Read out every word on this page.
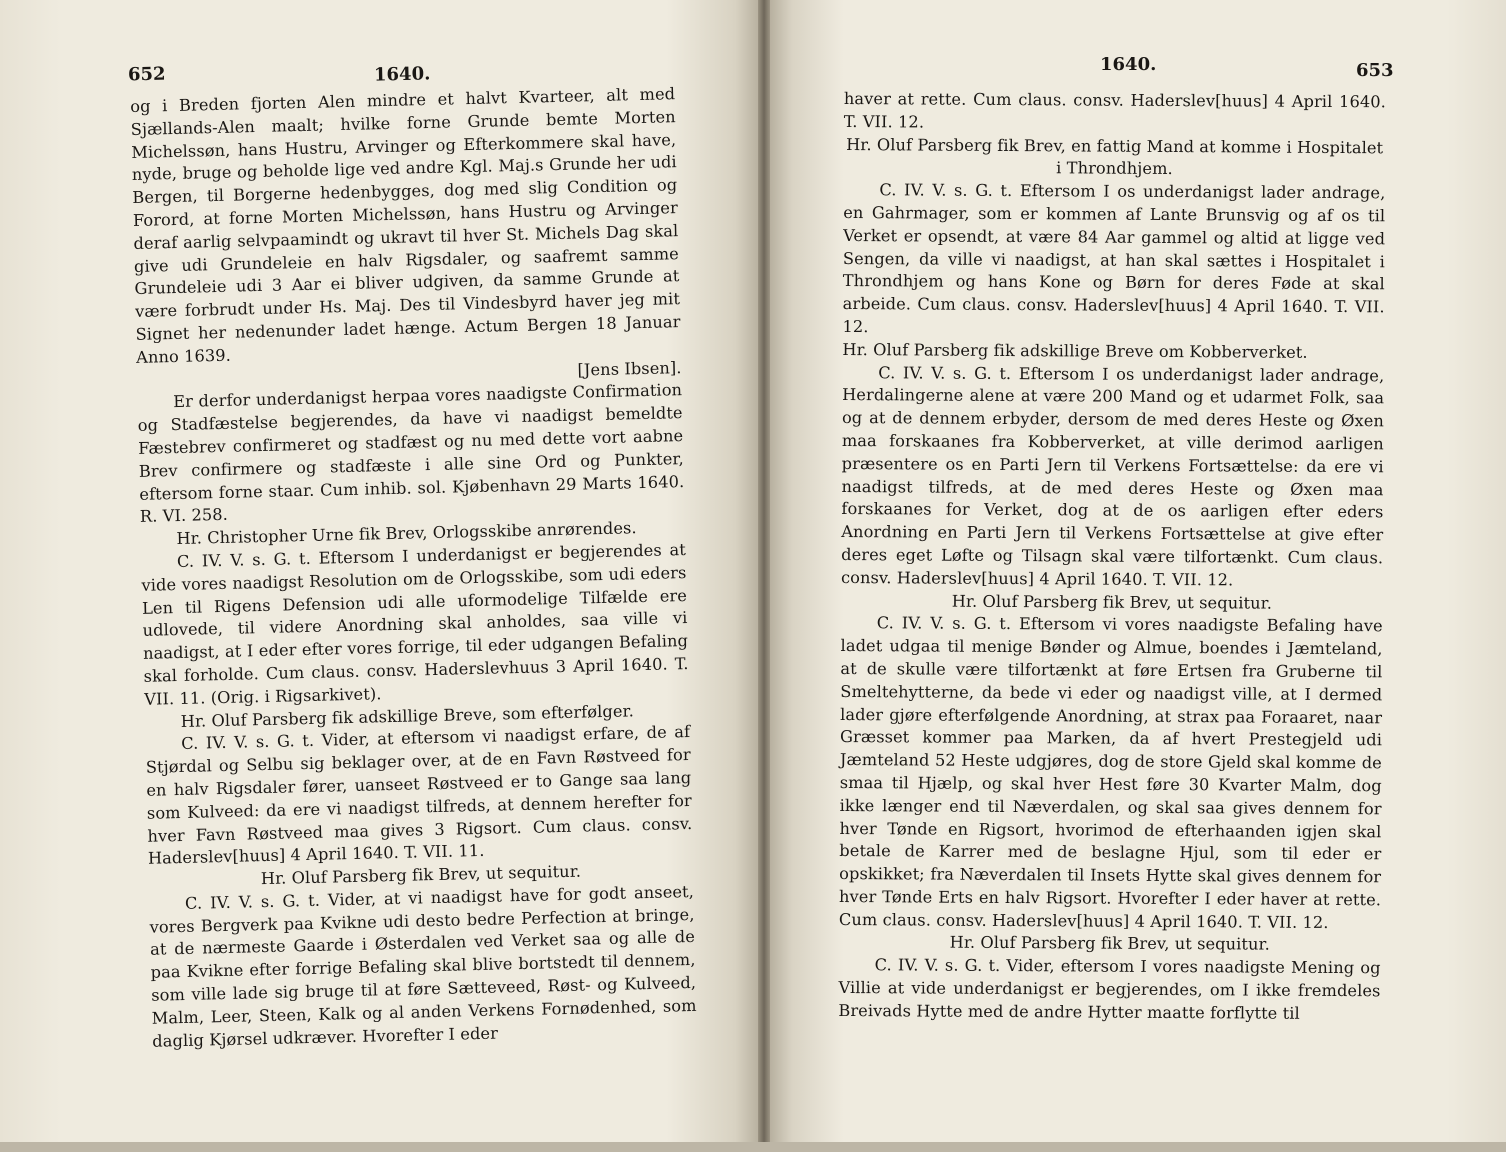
652	1640.

og i Breden fjorten Alen mindre et halvt Kvarteer, alt med Sjællands-Alen maalt; hvilke forne Grunde bemte Morten Michelssøn, hans Hustru, Arvinger og Efterkommere skal have, nyde, bruge og beholde lige ved andre Kgl. Maj.s Grunde her udi Bergen, til Borgerne hedenbygges, dog med slig Condition og Forord, at forne Morten Michelssøn, hans Hustru og Arvinger deraf aarlig selvpaamindt og ukravt til hver St. Michels Dag skal give udi Grundeleie en halv Rigsdaler, og saafremt samme Grundeleie udi 3 Aar ei bliver udgiven, da samme Grunde at være forbrudt under Hs. Maj. Des til Vindesbyrd haver jeg mit Signet her nedenunder ladet hænge. Actum Bergen 18 Januar Anno 1639.

[Jens Ibsen].

Er derfor underdanigst herpaa vores naadigste Confirmation og Stadfæstelse begjerendes, da have vi naadigst bemeldte Fæstebrev confirmeret og stadfæst og nu med dette vort aabne Brev confirmere og stadfæste i alle sine Ord og Punkter, eftersom forne staar. Cum inhib. sol. Kjøbenhavn 29 Marts 1640. R. VI. 258.

Hr. Christopher Urne fik Brev, Orlogsskibe anrørendes.

C. IV. V. s. G. t. Eftersom I underdanigst er begjerendes at vide vores naadigst Resolution om de Orlogsskibe, som udi eders Len til Rigens Defension udi alle uformodelige Tilfælde ere udlovede, til videre Anordning skal anholdes, saa ville vi naadigst, at I eder efter vores forrige, til eder udgangen Befaling skal forholde. Cum claus. consv. Haderslevhuus 3 April 1640. T. VII. 11. (Orig. i Rigsarkivet).

Hr. Oluf Parsberg fik adskillige Breve, som efterfølger.

C. IV. V. s. G. t. Vider, at eftersom vi naadigst erfare, de af Stjørdal og Selbu sig beklager over, at de en Favn Røstveed for en halv Rigsdaler fører, uanseet Røstveed er to Gange saa lang som Kulveed: da ere vi naadigst tilfreds, at dennem herefter for hver Favn Røstveed maa gives 3 Rigsort. Cum claus. consv. Haderslev[huus] 4 April 1640. T. VII. 11.

Hr. Oluf Parsberg fik Brev, ut sequitur.

C. IV. V. s. G. t. Vider, at vi naadigst have for godt anseet, vores Bergverk paa Kvikne udi desto bedre Perfection at bringe, at de nærmeste Gaarde i Østerdalen ved Verket saa og alle de paa Kvikne efter forrige Befaling skal blive bortstedt til dennem, som ville lade sig bruge til at føre Sætteveed, Røst- og Kulveed, Malm, Leer, Steen, Kalk og al anden Verkens Fornødenhed, som daglig Kjørsel udkræver. Hvorefter I eder

1640.	653

haver at rette. Cum claus. consv. Haderslev[huus] 4 April 1640. T. VII. 12.

Hr. Oluf Parsberg fik Brev, en fattig Mand at komme i Hospitalet i Throndhjem.

C. IV. V. s. G. t. Eftersom I os underdanigst lader andrage, en Gahrmager, som er kommen af Lante Brunsvig og af os til Verket er opsendt, at være 84 Aar gammel og altid at ligge ved Sengen, da ville vi naadigst, at han skal sættes i Hospitalet i Throndhjem og hans Kone og Børn for deres Føde at skal arbeide. Cum claus. consv. Haderslev[huus] 4 April 1640. T. VII. 12.

Hr. Oluf Parsberg fik adskillige Breve om Kobberverket.

C. IV. V. s. G. t. Eftersom I os underdanigst lader andrage, Herdalingerne alene at være 200 Mand og et udarmet Folk, saa og at de dennem erbyder, dersom de med deres Heste og Øxen maa forskaanes fra Kobberverket, at ville derimod aarligen præsentere os en Parti Jern til Verkens Fortsættelse: da ere vi naadigst tilfreds, at de med deres Heste og Øxen maa forskaanes for Verket, dog at de os aarligen efter eders Anordning en Parti Jern til Verkens Fortsættelse at give efter deres eget Løfte og Tilsagn skal være tilfortænkt. Cum claus. consv. Haderslev[huus] 4 April 1640. T. VII. 12.

Hr. Oluf Parsberg fik Brev, ut sequitur.

C. IV. V. s. G. t. Eftersom vi vores naadigste Befaling have ladet udgaa til menige Bønder og Almue, boendes i Jæmteland, at de skulle være tilfortænkt at føre Ertsen fra Gruberne til Smeltehytterne, da bede vi eder og naadigst ville, at I dermed lader gjøre efterfølgende Anordning, at strax paa Foraaret, naar Græsset kommer paa Marken, da af hvert Prestegjeld udi Jæmteland 52 Heste udgjøres, dog de store Gjeld skal komme de smaa til Hjælp, og skal hver Hest føre 30 Kvarter Malm, dog ikke længer end til Næverdalen, og skal saa gives dennem for hver Tønde en Rigsort, hvorimod de efterhaanden igjen skal betale de Karrer med de beslagne Hjul, som til eder er opskikket; fra Næverdalen til Insets Hytte skal gives dennem for hver Tønde Erts en halv Rigsort. Hvorefter I eder haver at rette. Cum claus. consv. Haderslev[huus] 4 April 1640. T. VII. 12.

Hr. Oluf Parsberg fik Brev, ut sequitur.

C. IV. V. s. G. t. Vider, eftersom I vores naadigste Mening og Villie at vide underdanigst er begjerendes, om I ikke fremdeles Breivads Hytte med de andre Hytter maatte forflytte til
